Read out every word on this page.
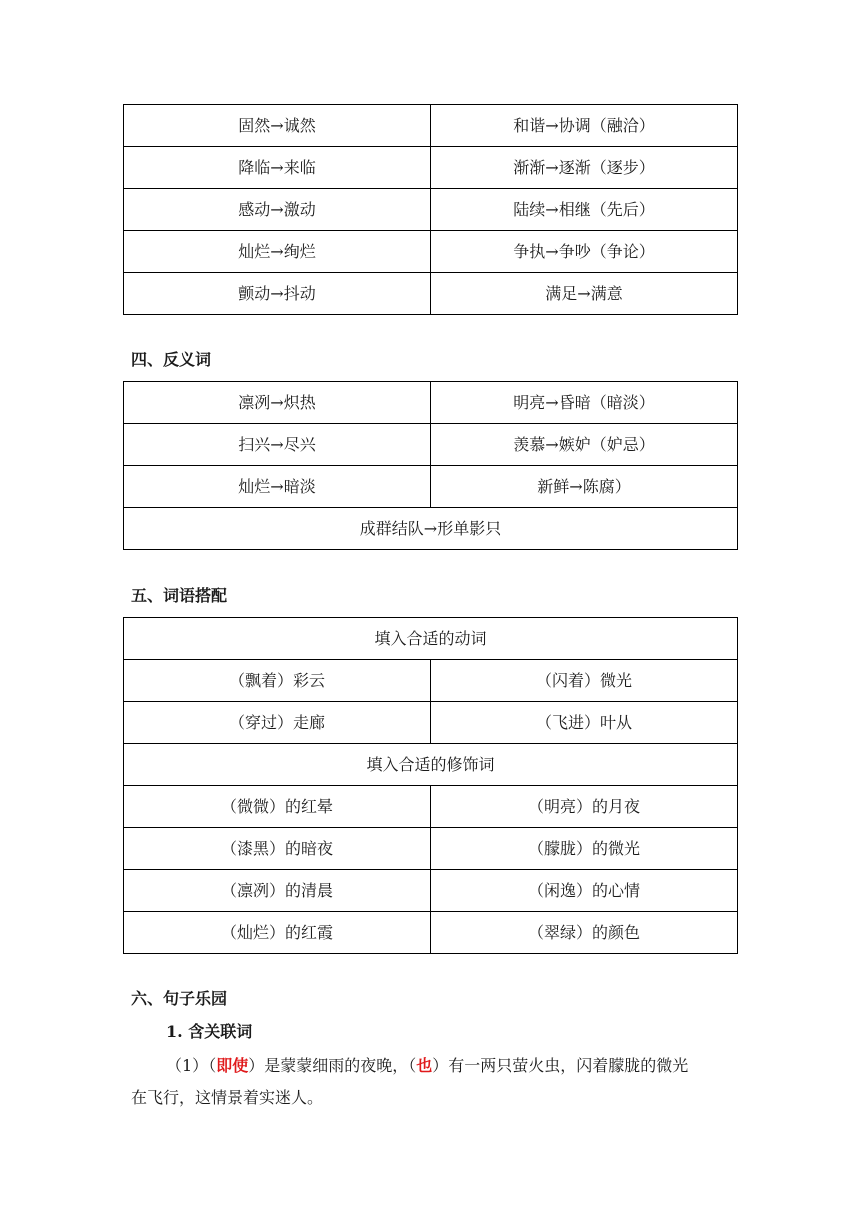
固然→诚然	和谐→协调（融洽）
降临→来临	渐渐→逐渐（逐步）
感动→激动	陆续→相继（先后）
灿烂→绚烂	争执→争吵（争论）
颤动→抖动	满足→满意
四、反义词
凛冽→炽热	明亮→昏暗（暗淡）
扫兴→尽兴	羡慕→嫉妒（妒忌）
灿烂→暗淡	新鲜→陈腐）
成群结队→形单影只	
五、词语搭配
填入合适的动词	
（飘着）彩云	（闪着）微光
（穿过）走廊	（飞进）叶从
填入合适的修饰词	
（微微）的红晕	（明亮）的月夜
（漆黑）的暗夜	（朦胧）的微光
（凛冽）的清晨	（闲逸）的心情
（灿烂）的红霞	（翠绿）的颜色
六、句子乐园
1. 含关联词
（1）（即使）是蒙蒙细雨的夜晚，（也）有一两只萤火虫，闪着朦胧的微光
在飞行，这情景着实迷人。
